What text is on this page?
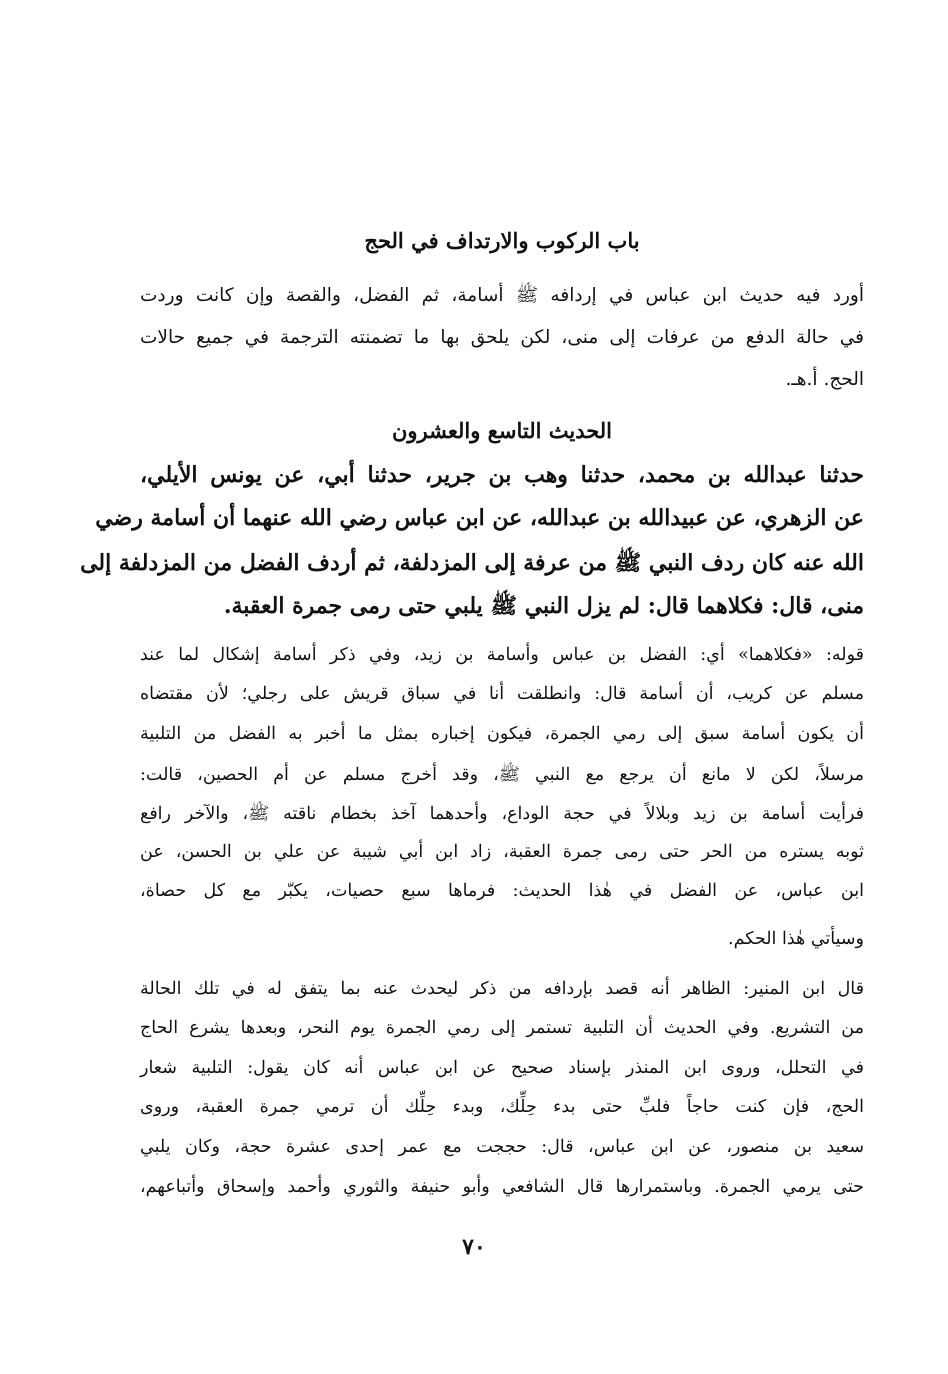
باب الركوب والارتداف في الحج
أورد فيه حديث ابن عباس في إردافه ﷺ أسامة، ثم الفضل، والقصة وإن كانت وردت
في حالة الدفع من عرفات إلى منى، لكن يلحق بها ما تضمنته الترجمة في جميع حالات
الحج. أ.هـ.
الحديث التاسع والعشرون
حدثنا عبدالله بن محمد، حدثنا وهب بن جرير، حدثنا أبي، عن يونس الأيلي،
عن الزهري، عن عبيدالله بن عبدالله، عن ابن عباس رضي الله عنهما أن أسامة رضي
الله عنه كان ردف النبي ﷺ من عرفة إلى المزدلفة، ثم أردف الفضل من المزدلفة إلى
منى، قال: فكلاهما قال: لم يزل النبي ﷺ يلبي حتى رمى جمرة العقبة.
قوله: «فكلاهما» أي: الفضل بن عباس وأسامة بن زيد، وفي ذكر أسامة إشكال لما عند
مسلم عن كريب، أن أسامة قال: وانطلقت أنا في سباق قريش على رجلي؛ لأن مقتضاه
أن يكون أسامة سبق إلى رمي الجمرة، فيكون إخباره بمثل ما أخبر به الفضل من التلبية
مرسلاً، لكن لا مانع أن يرجع مع النبي ﷺ، وقد أخرج مسلم عن أم الحصين، قالت:
فرأيت أسامة بن زيد وبلالاً في حجة الوداع، وأحدهما آخذ بخطام ناقته ﷺ، والآخر رافع
ثوبه يستره من الحر حتى رمى جمرة العقبة، زاد ابن أبي شيبة عن علي بن الحسن، عن
ابن عباس، عن الفضل في هٰذا الحديث: فرماها سبع حصيات، يكبّر مع كل حصاة،
وسيأتي هٰذا الحكم.
قال ابن المنير: الظاهر أنه قصد بإردافه من ذكر ليحدث عنه بما يتفق له في تلك الحالة
من التشريع. وفي الحديث أن التلبية تستمر إلى رمي الجمرة يوم النحر، وبعدها يشرع الحاج
في التحلل، وروى ابن المنذر بإسناد صحيح عن ابن عباس أنه كان يقول: التلبية شعار
الحج، فإن كنت حاجاً فلبِّ حتى بدء حِلِّك، وبدء حِلِّك أن ترمي جمرة العقبة، وروى
سعيد بن منصور، عن ابن عباس، قال: حججت مع عمر إحدى عشرة حجة، وكان يلبي
حتى يرمي الجمرة. وباستمرارها قال الشافعي وأبو حنيفة والثوري وأحمد وإسحاق وأتباعهم،
٧٠
